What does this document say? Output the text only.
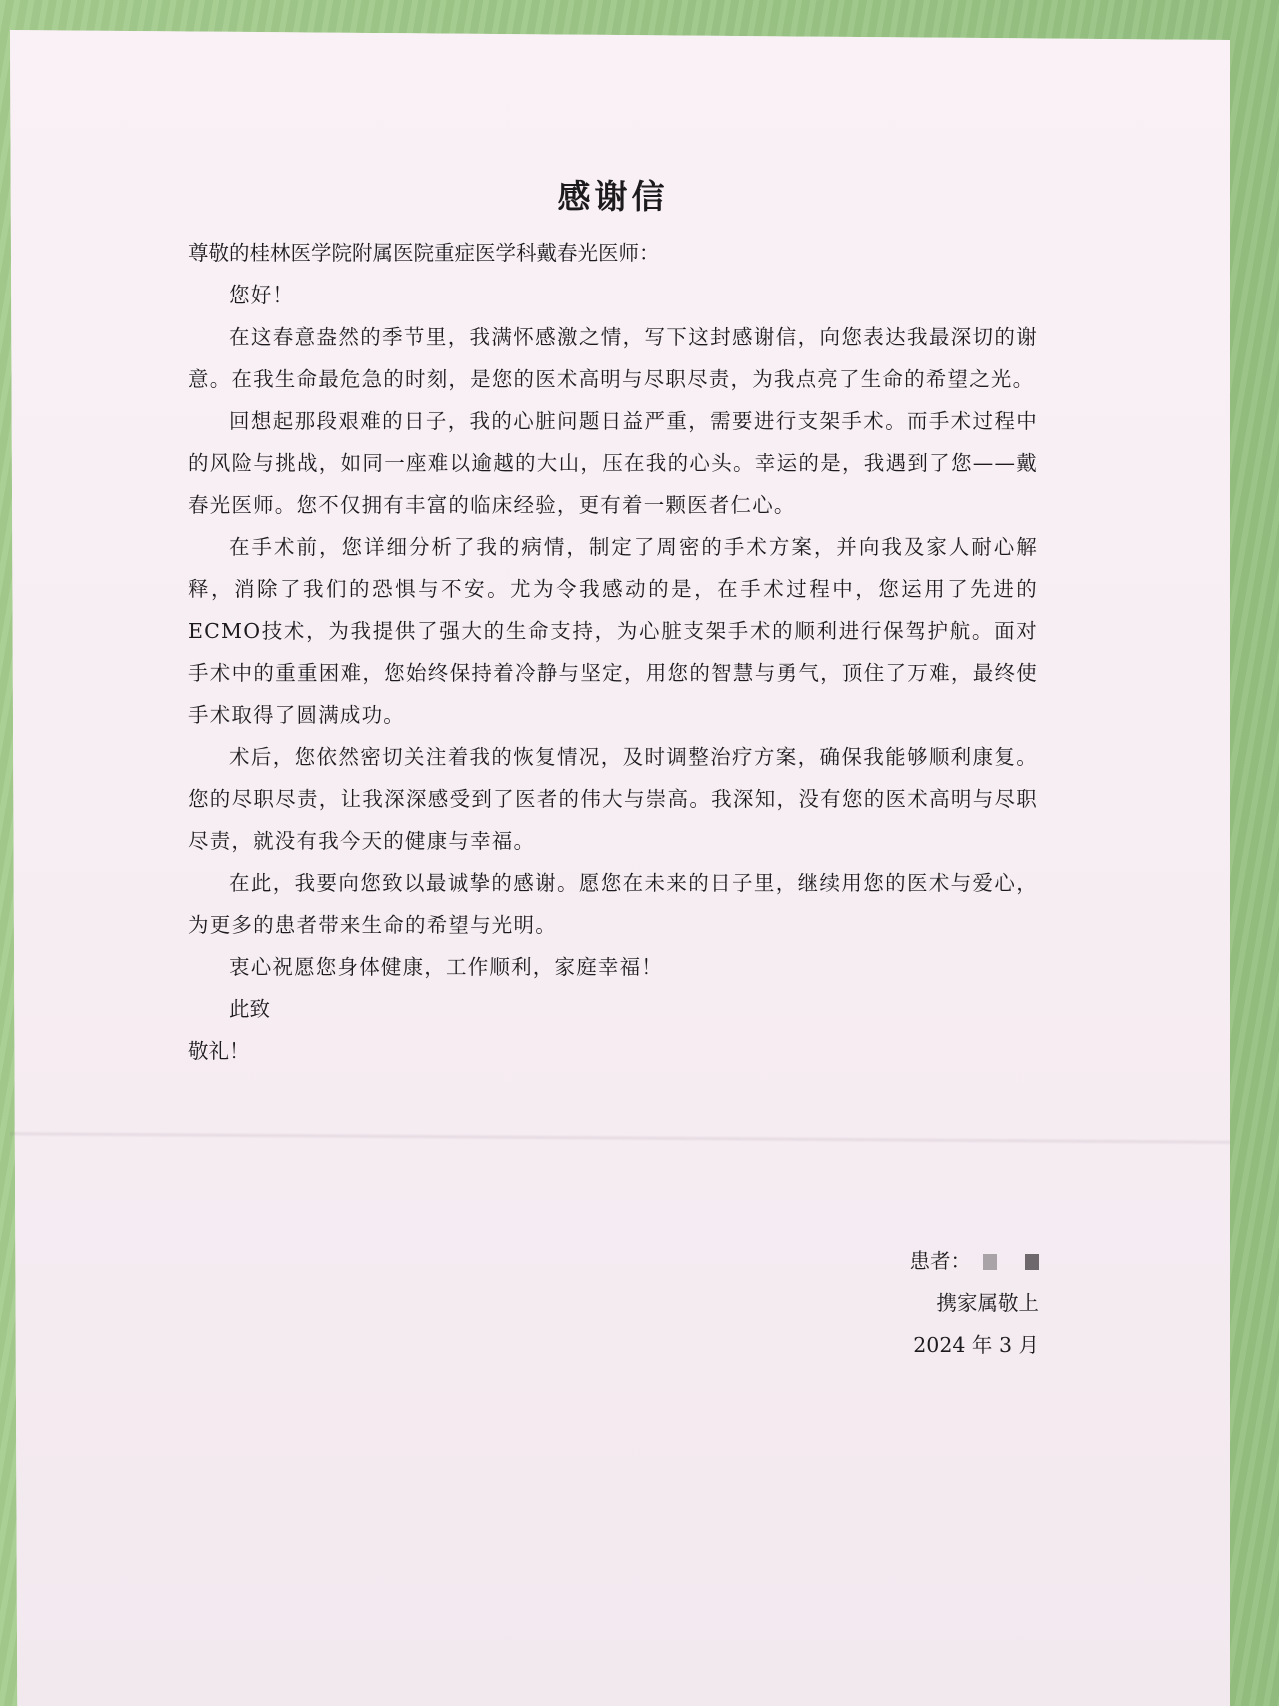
感谢信

尊敬的桂林医学院附属医院重症医学科戴春光医师：

您好！

在这春意盎然的季节里，我满怀感激之情，写下这封感谢信，向您表达我最深切的谢意。在我生命最危急的时刻，是您的医术高明与尽职尽责，为我点亮了生命的希望之光。

回想起那段艰难的日子，我的心脏问题日益严重，需要进行支架手术。而手术过程中的风险与挑战，如同一座难以逾越的大山，压在我的心头。幸运的是，我遇到了您——戴春光医师。您不仅拥有丰富的临床经验，更有着一颗医者仁心。

在手术前，您详细分析了我的病情，制定了周密的手术方案，并向我及家人耐心解释，消除了我们的恐惧与不安。尤为令我感动的是，在手术过程中，您运用了先进的ECMO技术，为我提供了强大的生命支持，为心脏支架手术的顺利进行保驾护航。面对手术中的重重困难，您始终保持着冷静与坚定，用您的智慧与勇气，顶住了万难，最终使手术取得了圆满成功。

术后，您依然密切关注着我的恢复情况，及时调整治疗方案，确保我能够顺利康复。您的尽职尽责，让我深深感受到了医者的伟大与崇高。我深知，没有您的医术高明与尽职尽责，就没有我今天的健康与幸福。

在此，我要向您致以最诚挚的感谢。愿您在未来的日子里，继续用您的医术与爱心，为更多的患者带来生命的希望与光明。

衷心祝愿您身体健康，工作顺利，家庭幸福！

此致

敬礼！

患者：
携家属敬上
2024 年 3 月
